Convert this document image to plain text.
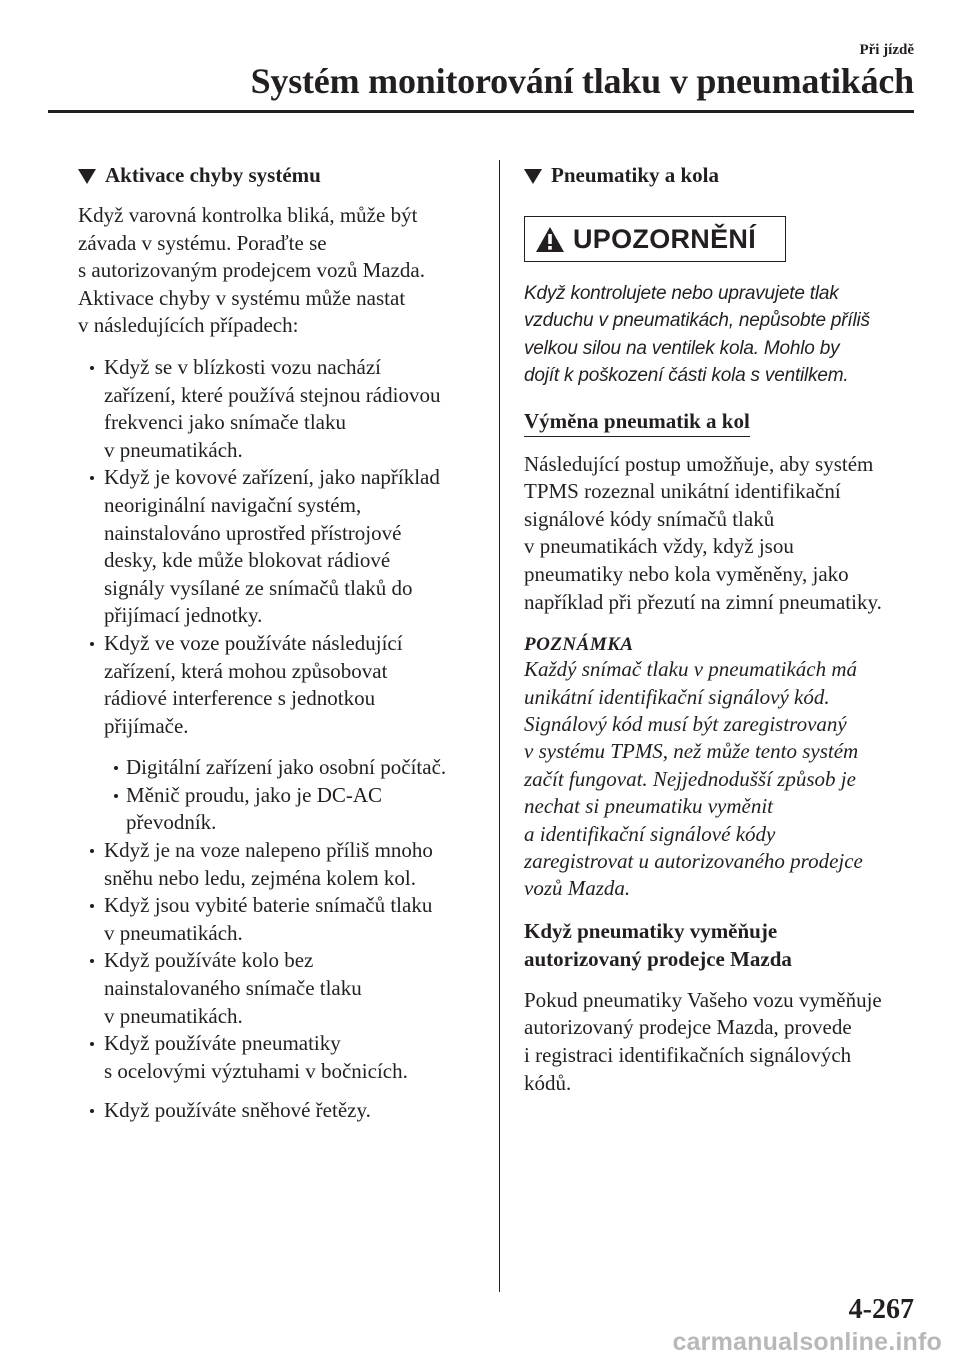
Při jízdě
Systém monitorování tlaku v pneumatikách
Aktivace chyby systému

Když varovná kontrolka bliká, může být
závada v systému. Poraďte se
s autorizovaným prodejcem vozů Mazda.
Aktivace chyby v systému může nastat
v následujících případech:

Když se v blízkosti vozu nachází
zařízení, které používá stejnou rádiovou
frekvenci jako snímače tlaku
v pneumatikách.
Když je kovové zařízení, jako například
neoriginální navigační systém,
nainstalováno uprostřed přístrojové
desky, kde může blokovat rádiové
signály vysílané ze snímačů tlaků do
přijímací jednotky.
Když ve voze používáte následující
zařízení, která mohou způsobovat
rádiové interference s jednotkou
přijímače.
Digitální zařízení jako osobní počítač.
Měnič proudu, jako je DC-AC
převodník.
Když je na voze nalepeno příliš mnoho
sněhu nebo ledu, zejména kolem kol.
Když jsou vybité baterie snímačů tlaku
v pneumatikách.
Když používáte kolo bez
nainstalovaného snímače tlaku
v pneumatikách.
Když používáte pneumatiky
s ocelovými výztuhami v bočnicích.
Když používáte sněhové řetězy.
Pneumatiky a kola
UPOZORNĚNÍ
Když kontrolujete nebo upravujete tlak
vzduchu v pneumatikách, nepůsobte příliš
velkou silou na ventilek kola. Mohlo by
dojít k poškození části kola s ventilkem.
Výměna pneumatik a kol

Následující postup umožňuje, aby systém
TPMS rozeznal unikátní identifikační
signálové kódy snímačů tlaků
v pneumatikách vždy, když jsou
pneumatiky nebo kola vyměněny, jako
například při přezutí na zimní pneumatiky.

POZNÁMKA

Každý snímač tlaku v pneumatikách má
unikátní identifikační signálový kód.
Signálový kód musí být zaregistrovaný
v systému TPMS, než může tento systém
začít fungovat. Nejjednodušší způsob je
nechat si pneumatiku vyměnit
a identifikační signálové kódy
zaregistrovat u autorizovaného prodejce
vozů Mazda.

Když pneumatiky vyměňuje
autorizovaný prodejce Mazda

Pokud pneumatiky Vašeho vozu vyměňuje
autorizovaný prodejce Mazda, provede
i registraci identifikačních signálových
kódů.

4-267
carmanualsonline.info
